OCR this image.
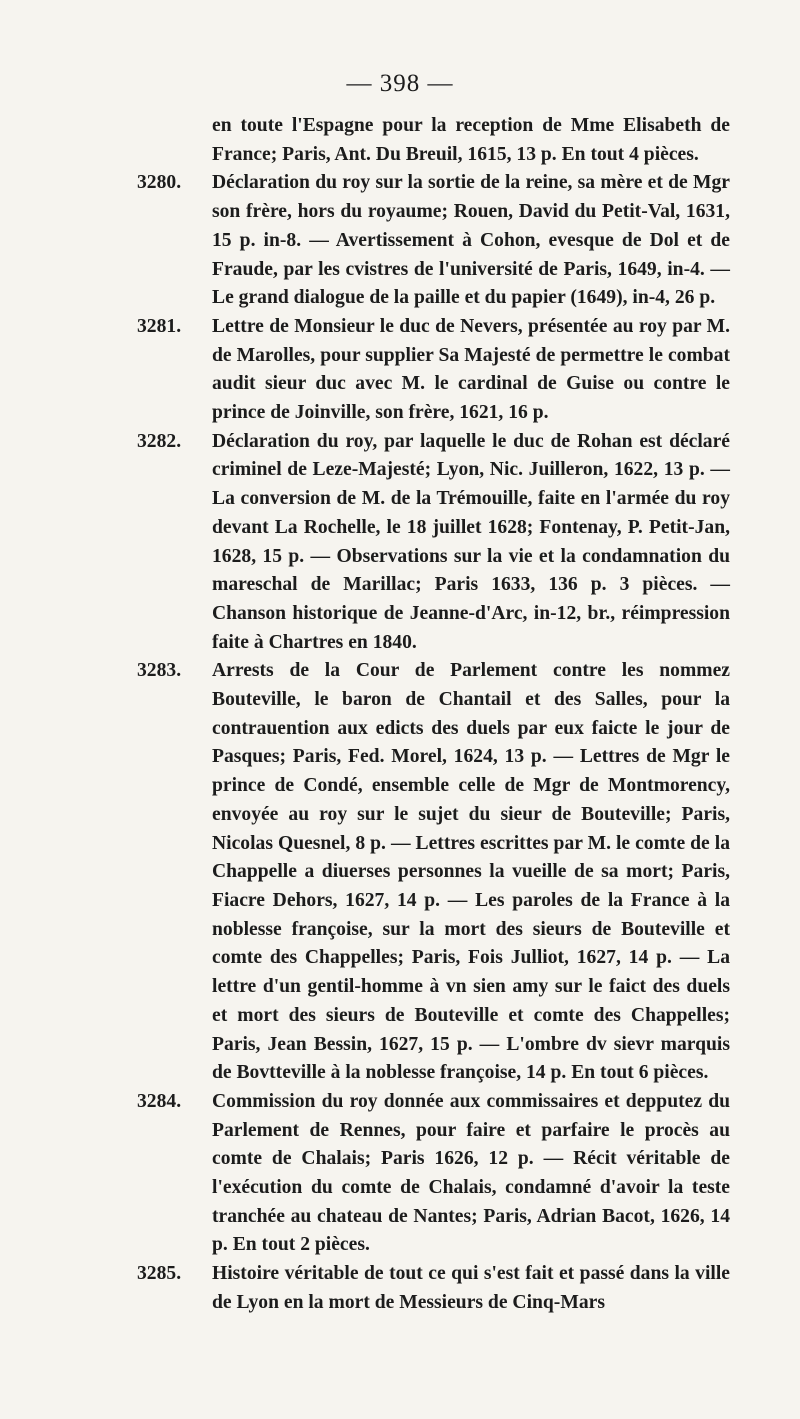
— 398 —

en toute l'Espagne pour la reception de Mme Elisabeth de France; Paris, Ant. Du Breuil, 1615, 13 p. En tout 4 pièces.

3280. Déclaration du roy sur la sortie de la reine, sa mère et de Mgr son frère, hors du royaume; Rouen, David du Petit-Val, 1631, 15 p. in-8. — Avertissement à Cohon, evesque de Dol et de Fraude, par les cvistres de l'université de Paris, 1649, in-4. — Le grand dialogue de la paille et du papier (1649), in-4, 26 p.

3281. Lettre de Monsieur le duc de Nevers, présentée au roy par M. de Marolles, pour supplier Sa Majesté de permettre le combat audit sieur duc avec M. le cardinal de Guise ou contre le prince de Joinville, son frère, 1621, 16 p.

3282. Déclaration du roy, par laquelle le duc de Rohan est déclaré criminel de Leze-Majesté; Lyon, Nic. Juilleron, 1622, 13 p. — La conversion de M. de la Trémouille, faite en l'armée du roy devant La Rochelle, le 18 juillet 1628; Fontenay, P. Petit-Jan, 1628, 15 p. — Observations sur la vie et la condamnation du mareschal de Marillac; Paris 1633, 136 p. 3 pièces. — Chanson historique de Jeanne-d'Arc, in-12, br., réimpression faite à Chartres en 1840.

3283. Arrests de la Cour de Parlement contre les nommez Bouteville, le baron de Chantail et des Salles, pour la contrauention aux edicts des duels par eux faicte le jour de Pasques; Paris, Fed. Morel, 1624, 13 p. — Lettres de Mgr le prince de Condé, ensemble celle de Mgr de Montmorency, envoyée au roy sur le sujet du sieur de Bouteville; Paris, Nicolas Quesnel, 8 p. — Lettres escrittes par M. le comte de la Chappelle a diuerses personnes la vueille de sa mort; Paris, Fiacre Dehors, 1627, 14 p. — Les paroles de la France à la noblesse françoise, sur la mort des sieurs de Bouteville et comte des Chappelles; Paris, Fois Julliot, 1627, 14 p. — La lettre d'un gentil-homme à vn sien amy sur le faict des duels et mort des sieurs de Bouteville et comte des Chappelles; Paris, Jean Bessin, 1627, 15 p. — L'ombre dv sievr marquis de Bovtteville à la noblesse françoise, 14 p. En tout 6 pièces.

3284. Commission du roy donnée aux commissaires et depputez du Parlement de Rennes, pour faire et parfaire le procès au comte de Chalais; Paris 1626, 12 p. — Récit véritable de l'exécution du comte de Chalais, condamné d'avoir la teste tranchée au chateau de Nantes; Paris, Adrian Bacot, 1626, 14 p. En tout 2 pièces.

3285. Histoire véritable de tout ce qui s'est fait et passé dans la ville de Lyon en la mort de Messieurs de Cinq-Mars
